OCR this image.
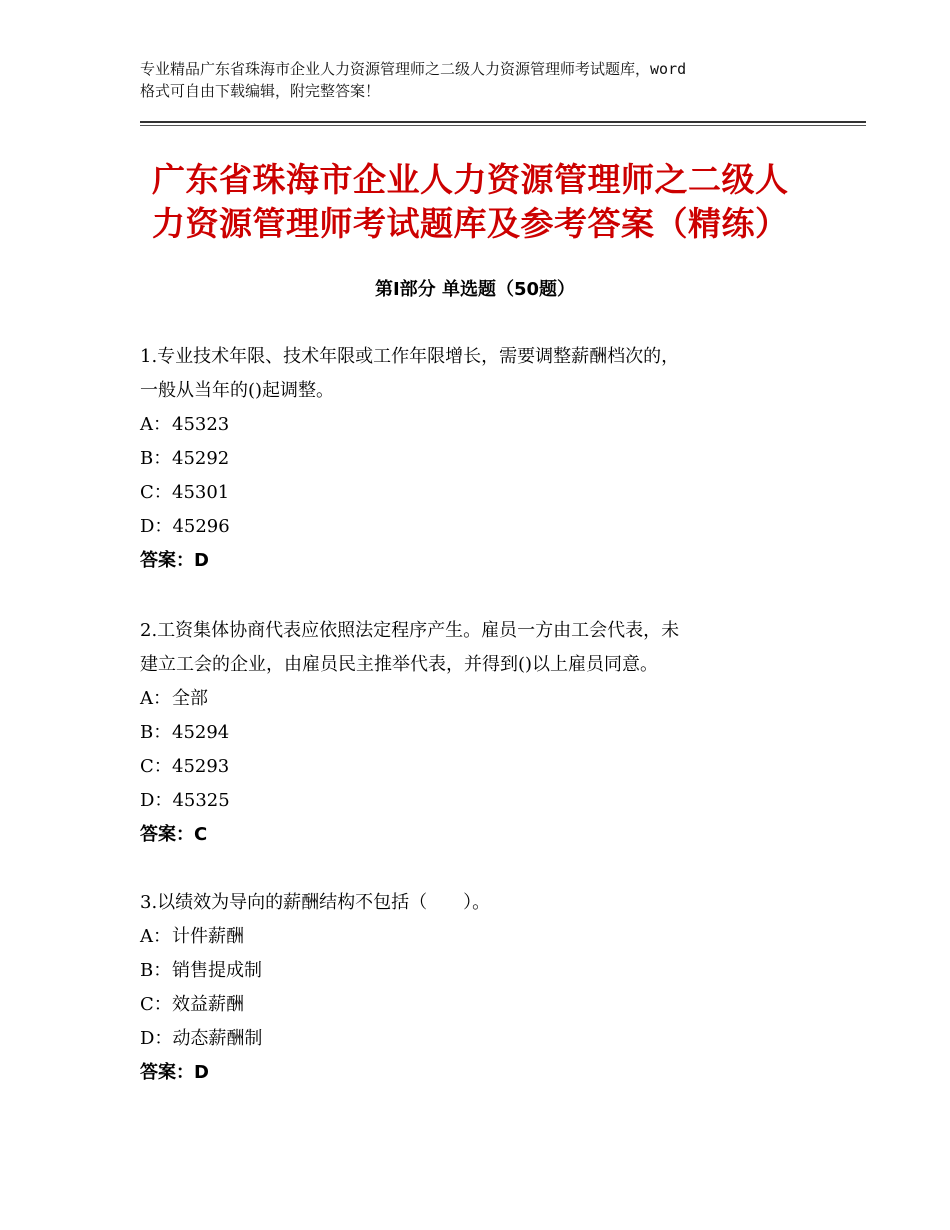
专业精品广东省珠海市企业人力资源管理师之二级人力资源管理师考试题库，word
格式可自由下载编辑，附完整答案！
广东省珠海市企业人力资源管理师之二级人
力资源管理师考试题库及参考答案（精练）
第Ⅰ部分 单选题（50题）

1.专业技术年限、技术年限或工作年限增长，需要调整薪酬档次的，

一般从当年的()起调整。

A：45323

B：45292

C：45301

D：45296

答案：D

2.工资集体协商代表应依照法定程序产生。雇员一方由工会代表，未

建立工会的企业，由雇员民主推举代表，并得到()以上雇员同意。

A：全部

B：45294

C：45293

D：45325

答案：C

3.以绩效为导向的薪酬结构不包括（　　）。

A：计件薪酬

B：销售提成制

C：效益薪酬

D：动态薪酬制

答案：D
